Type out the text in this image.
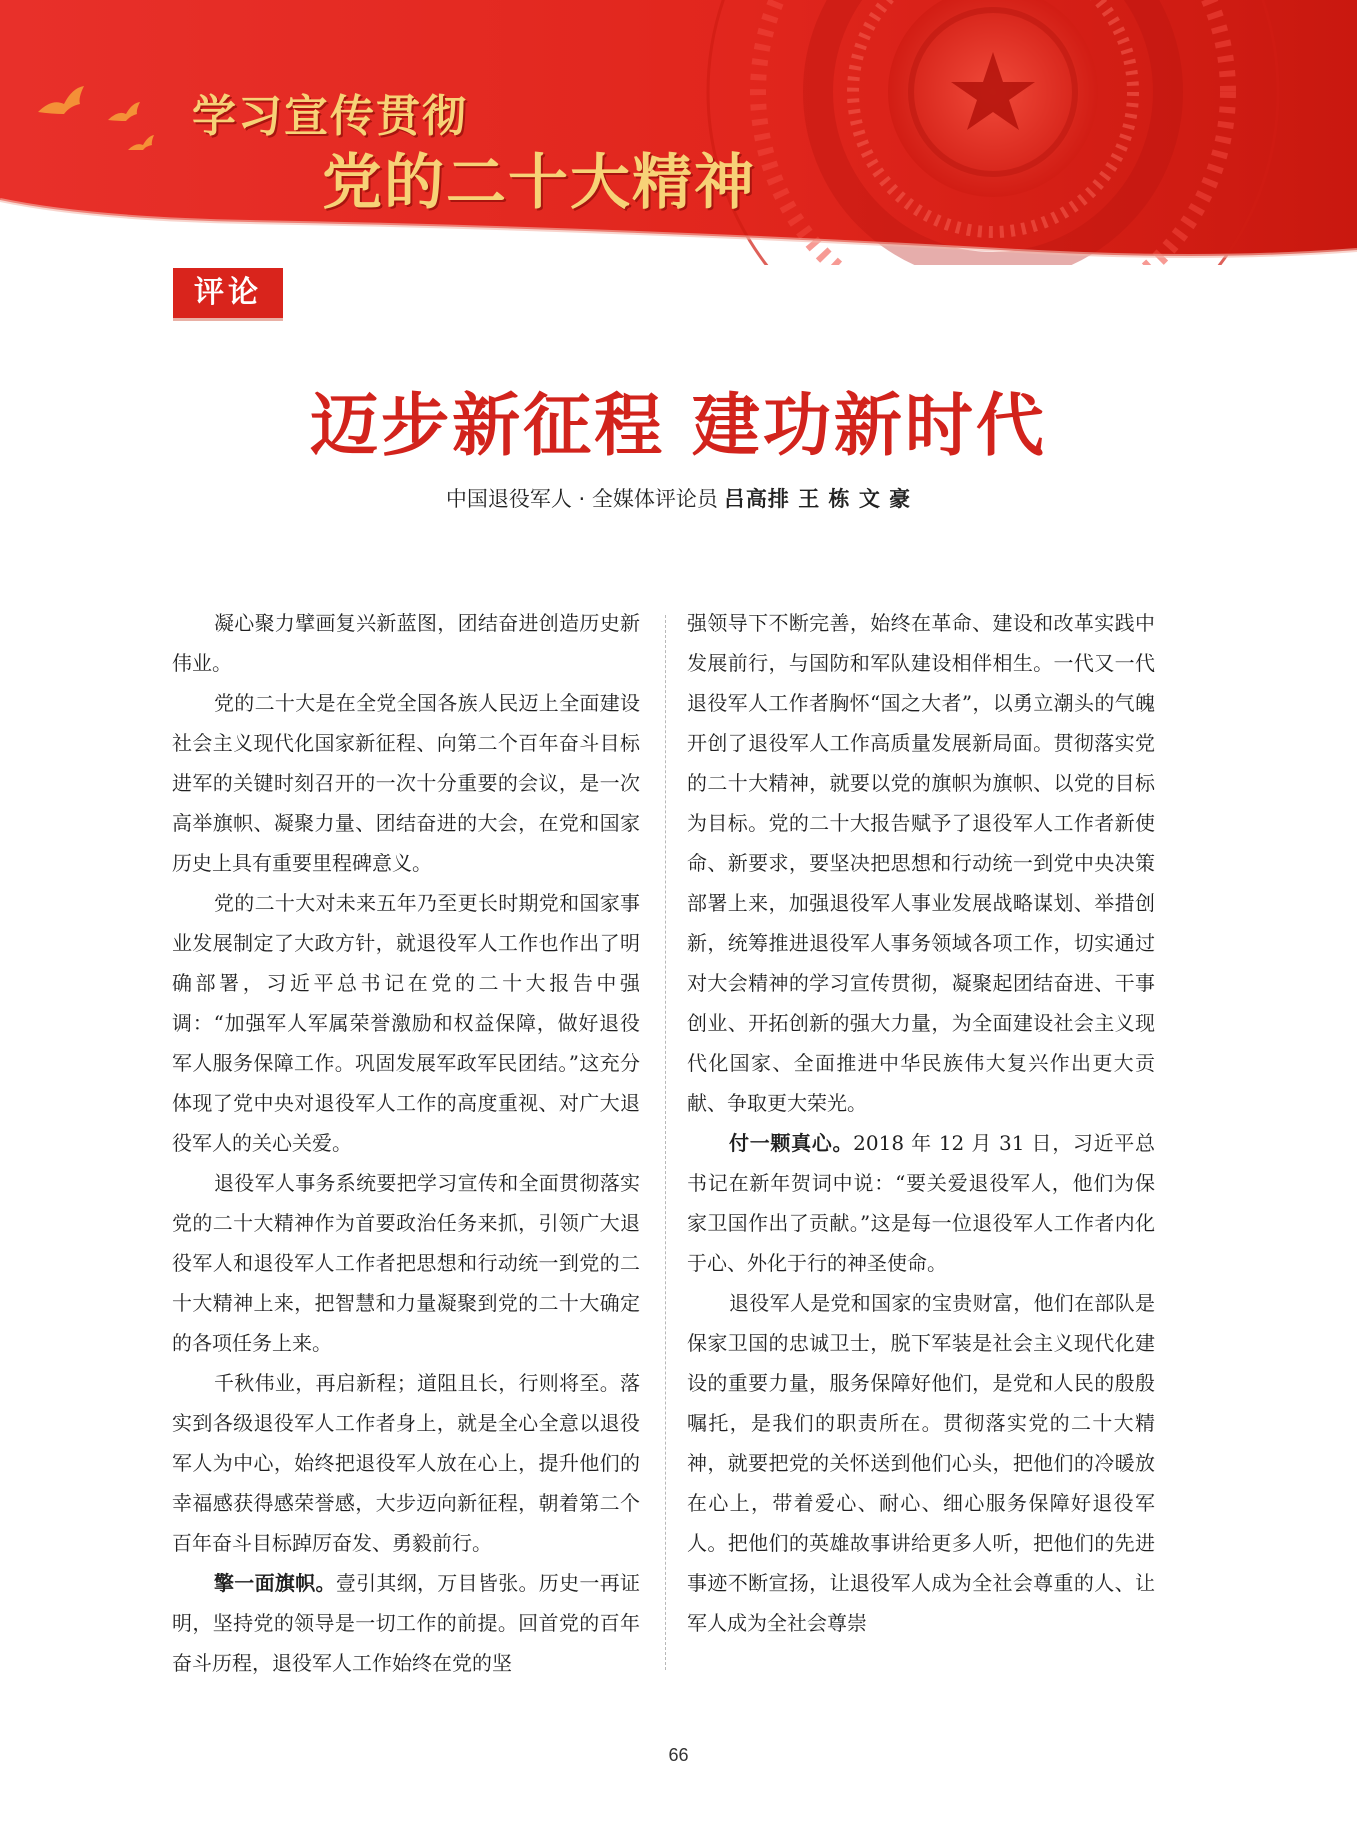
学习宣传贯彻
党的二十大精神
评论
迈步新征程 建功新时代
中国退役军人 · 全媒体评论员 吕高排 王 栋 文 豪

凝心聚力擘画复兴新蓝图，团结奋进创造历史新伟业。

党的二十大是在全党全国各族人民迈上全面建设社会主义现代化国家新征程、向第二个百年奋斗目标进军的关键时刻召开的一次十分重要的会议，是一次高举旗帜、凝聚力量、团结奋进的大会，在党和国家历史上具有重要里程碑意义。

党的二十大对未来五年乃至更长时期党和国家事业发展制定了大政方针，就退役军人工作也作出了明确部署，习近平总书记在党的二十大报告中强调：“加强军人军属荣誉激励和权益保障，做好退役军人服务保障工作。巩固发展军政军民团结。”这充分体现了党中央对退役军人工作的高度重视、对广大退役军人的关心关爱。

退役军人事务系统要把学习宣传和全面贯彻落实党的二十大精神作为首要政治任务来抓，引领广大退役军人和退役军人工作者把思想和行动统一到党的二十大精神上来，把智慧和力量凝聚到党的二十大确定的各项任务上来。

千秋伟业，再启新程；道阻且长，行则将至。落实到各级退役军人工作者身上，就是全心全意以退役军人为中心，始终把退役军人放在心上，提升他们的幸福感获得感荣誉感，大步迈向新征程，朝着第二个百年奋斗目标踔厉奋发、勇毅前行。

擎一面旗帜。壹引其纲，万目皆张。历史一再证明，坚持党的领导是一切工作的前提。回首党的百年奋斗历程，退役军人工作始终在党的坚

强领导下不断完善，始终在革命、建设和改革实践中发展前行，与国防和军队建设相伴相生。一代又一代退役军人工作者胸怀“国之大者”，以勇立潮头的气魄开创了退役军人工作高质量发展新局面。贯彻落实党的二十大精神，就要以党的旗帜为旗帜、以党的目标为目标。党的二十大报告赋予了退役军人工作者新使命、新要求，要坚决把思想和行动统一到党中央决策部署上来，加强退役军人事业发展战略谋划、举措创新，统筹推进退役军人事务领域各项工作，切实通过对大会精神的学习宣传贯彻，凝聚起团结奋进、干事创业、开拓创新的强大力量，为全面建设社会主义现代化国家、全面推进中华民族伟大复兴作出更大贡献、争取更大荣光。

付一颗真心。2018 年 12 月 31 日，习近平总书记在新年贺词中说：“要关爱退役军人，他们为保家卫国作出了贡献。”这是每一位退役军人工作者内化于心、外化于行的神圣使命。

退役军人是党和国家的宝贵财富，他们在部队是保家卫国的忠诚卫士，脱下军装是社会主义现代化建设的重要力量，服务保障好他们，是党和人民的殷殷嘱托，是我们的职责所在。贯彻落实党的二十大精神，就要把党的关怀送到他们心头，把他们的冷暖放在心上，带着爱心、耐心、细心服务保障好退役军人。把他们的英雄故事讲给更多人听，把他们的先进事迹不断宣扬，让退役军人成为全社会尊重的人、让军人成为全社会尊崇

66
